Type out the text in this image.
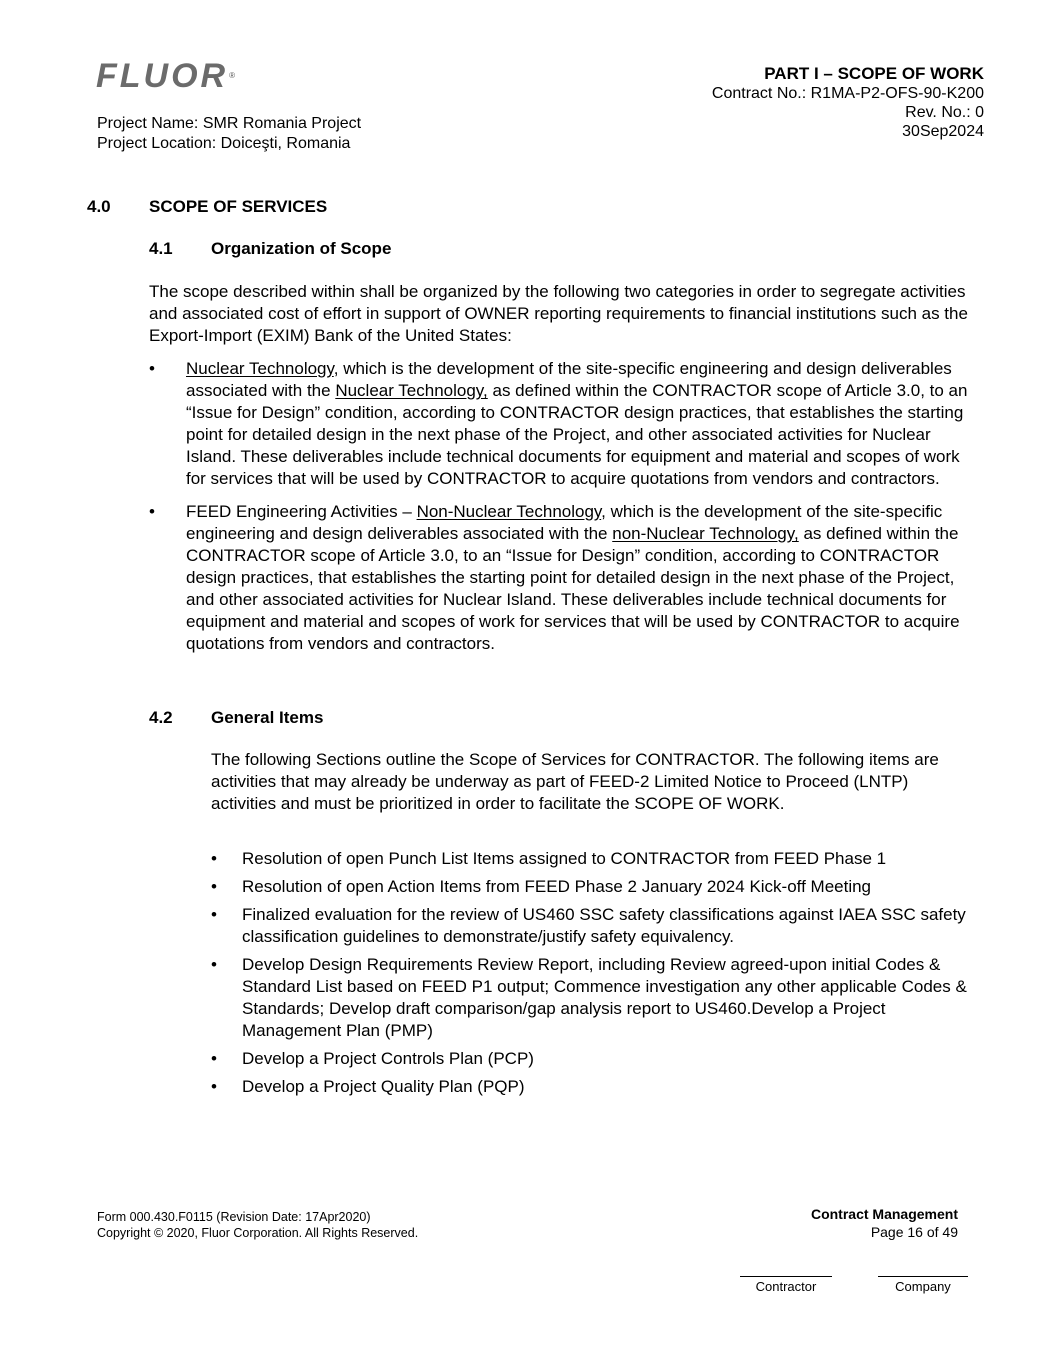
FLUOR®
Project Name: SMR Romania Project
Project Location: Doiceşti, Romania
PART I – SCOPE OF WORK
Contract No.: R1MA-P2-OFS-90-K200
Rev. No.: 0
30Sep2024
4.0 SCOPE OF SERVICES
4.1 Organization of Scope
The scope described within shall be organized by the following two categories in order to segregate activities and associated cost of effort in support of OWNER reporting requirements to financial institutions such as the Export-Import (EXIM) Bank of the United States:
• Nuclear Technology, which is the development of the site-specific engineering and design deliverables associated with the Nuclear Technology, as defined within the CONTRACTOR scope of Article 3.0, to an “Issue for Design” condition, according to CONTRACTOR design practices, that establishes the starting point for detailed design in the next phase of the Project, and other associated activities for Nuclear Island. These deliverables include technical documents for equipment and material and scopes of work for services that will be used by CONTRACTOR to acquire quotations from vendors and contractors.
• FEED Engineering Activities – Non-Nuclear Technology, which is the development of the site-specific engineering and design deliverables associated with the non-Nuclear Technology, as defined within the CONTRACTOR scope of Article 3.0, to an “Issue for Design” condition, according to CONTRACTOR design practices, that establishes the starting point for detailed design in the next phase of the Project, and other associated activities for Nuclear Island. These deliverables include technical documents for equipment and material and scopes of work for services that will be used by CONTRACTOR to acquire quotations from vendors and contractors.
4.2 General Items
The following Sections outline the Scope of Services for CONTRACTOR. The following items are activities that may already be underway as part of FEED-2 Limited Notice to Proceed (LNTP) activities and must be prioritized in order to facilitate the SCOPE OF WORK.
• Resolution of open Punch List Items assigned to CONTRACTOR from FEED Phase 1
• Resolution of open Action Items from FEED Phase 2 January 2024 Kick-off Meeting
• Finalized evaluation for the review of US460 SSC safety classifications against IAEA SSC safety classification guidelines to demonstrate/justify safety equivalency.
• Develop Design Requirements Review Report, including Review agreed-upon initial Codes & Standard List based on FEED P1 output; Commence investigation any other applicable Codes & Standards; Develop draft comparison/gap analysis report to US460.Develop a Project Management Plan (PMP)
• Develop a Project Controls Plan (PCP)
• Develop a Project Quality Plan (PQP)
Form 000.430.F0115 (Revision Date: 17Apr2020)
Copyright © 2020, Fluor Corporation. All Rights Reserved.
Contract Management
Page 16 of 49
Contractor	Company
